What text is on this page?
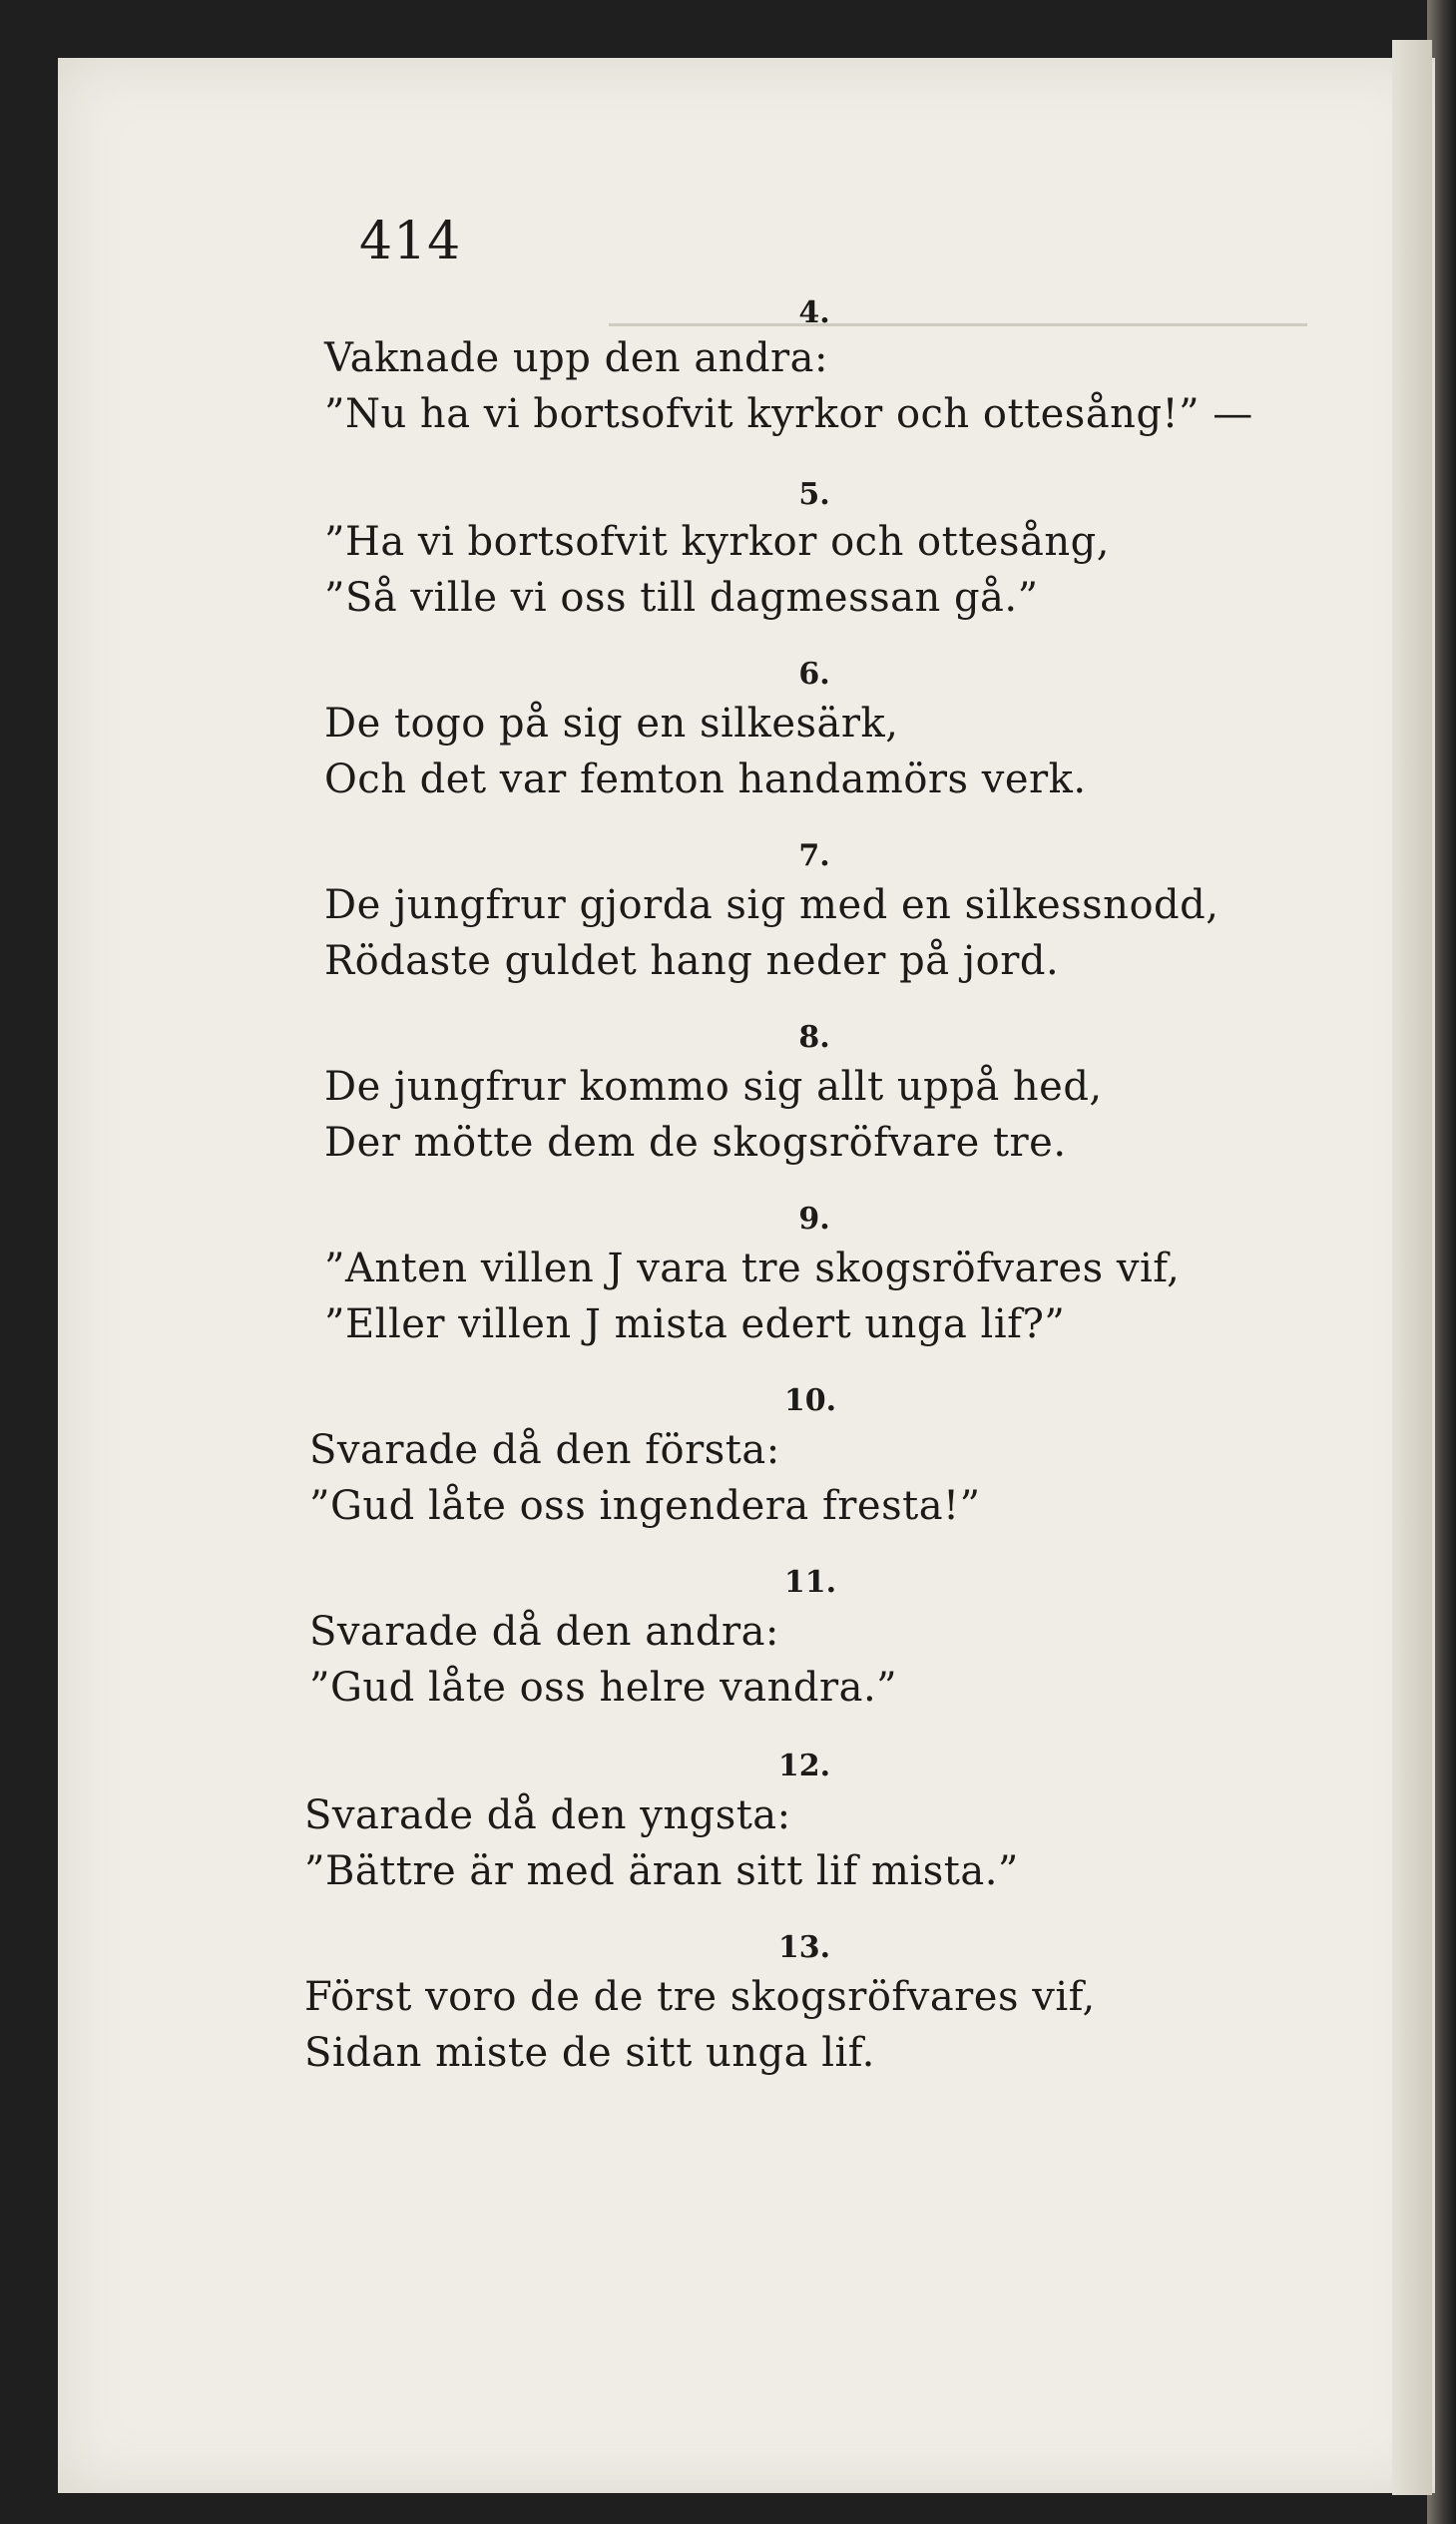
414
4.
Vaknade upp den andra:
”Nu ha vi bortsofvit kyrkor och ottesång!” —
5.
”Ha vi bortsofvit kyrkor och ottesång,
”Så ville vi oss till dagmessan gå.”
6.
De togo på sig en silkesärk,
Och det var femton handamörs verk.
7.
De jungfrur gjorda sig med en silkessnodd,
Rödaste guldet hang neder på jord.
8.
De jungfrur kommo sig allt uppå hed,
Der mötte dem de skogsröfvare tre.
9.
”Anten villen J vara tre skogsröfvares vif,
”Eller villen J mista edert unga lif?”
10.
Svarade då den första:
”Gud låte oss ingendera fresta!”
11.
Svarade då den andra:
”Gud låte oss helre vandra.”
12.
Svarade då den yngsta:
”Bättre är med äran sitt lif mista.”
13.
Först voro de de tre skogsröfvares vif,
Sidan miste de sitt unga lif.
